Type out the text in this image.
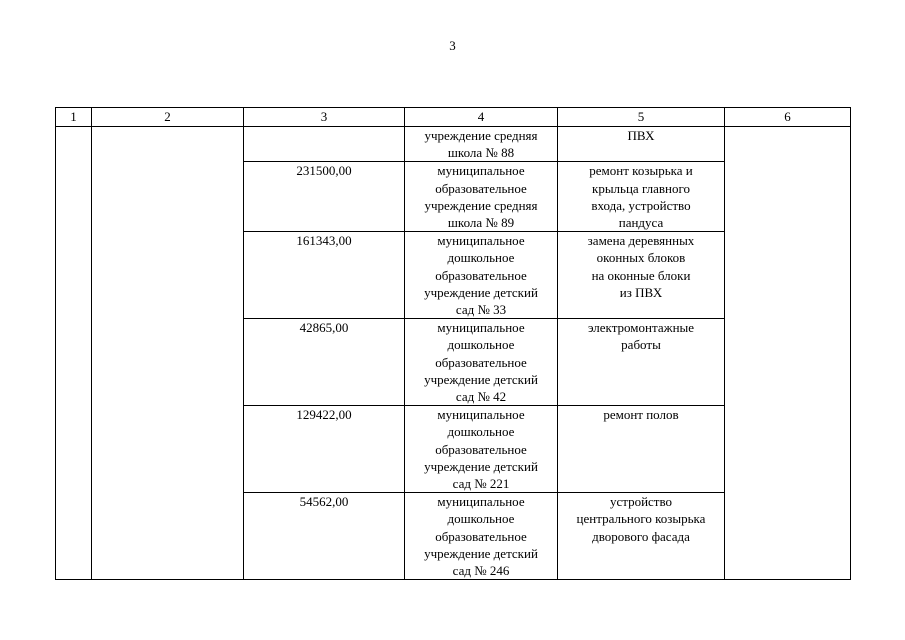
3
1	2	3	4	5	6

			учреждение средняя
школа № 88	ПВХ	

		231500,00	муниципальное
образовательное
учреждение средняя
школа № 89	ремонт козырька и
крыльца главного
входа, устройство
пандуса	

		161343,00	муниципальное
дошкольное
образовательное
учреждение детский
сад № 33	замена деревянных
оконных блоков
на оконные блоки
из ПВХ	

		42865,00	муниципальное
дошкольное
образовательное
учреждение детский
сад № 42	электромонтажные
работы	

		129422,00	муниципальное
дошкольное
образовательное
учреждение детский
сад № 221	ремонт полов	

		54562,00	муниципальное
дошкольное
образовательное
учреждение детский
сад № 246	устройство
центрального козырька
дворового фасада	
